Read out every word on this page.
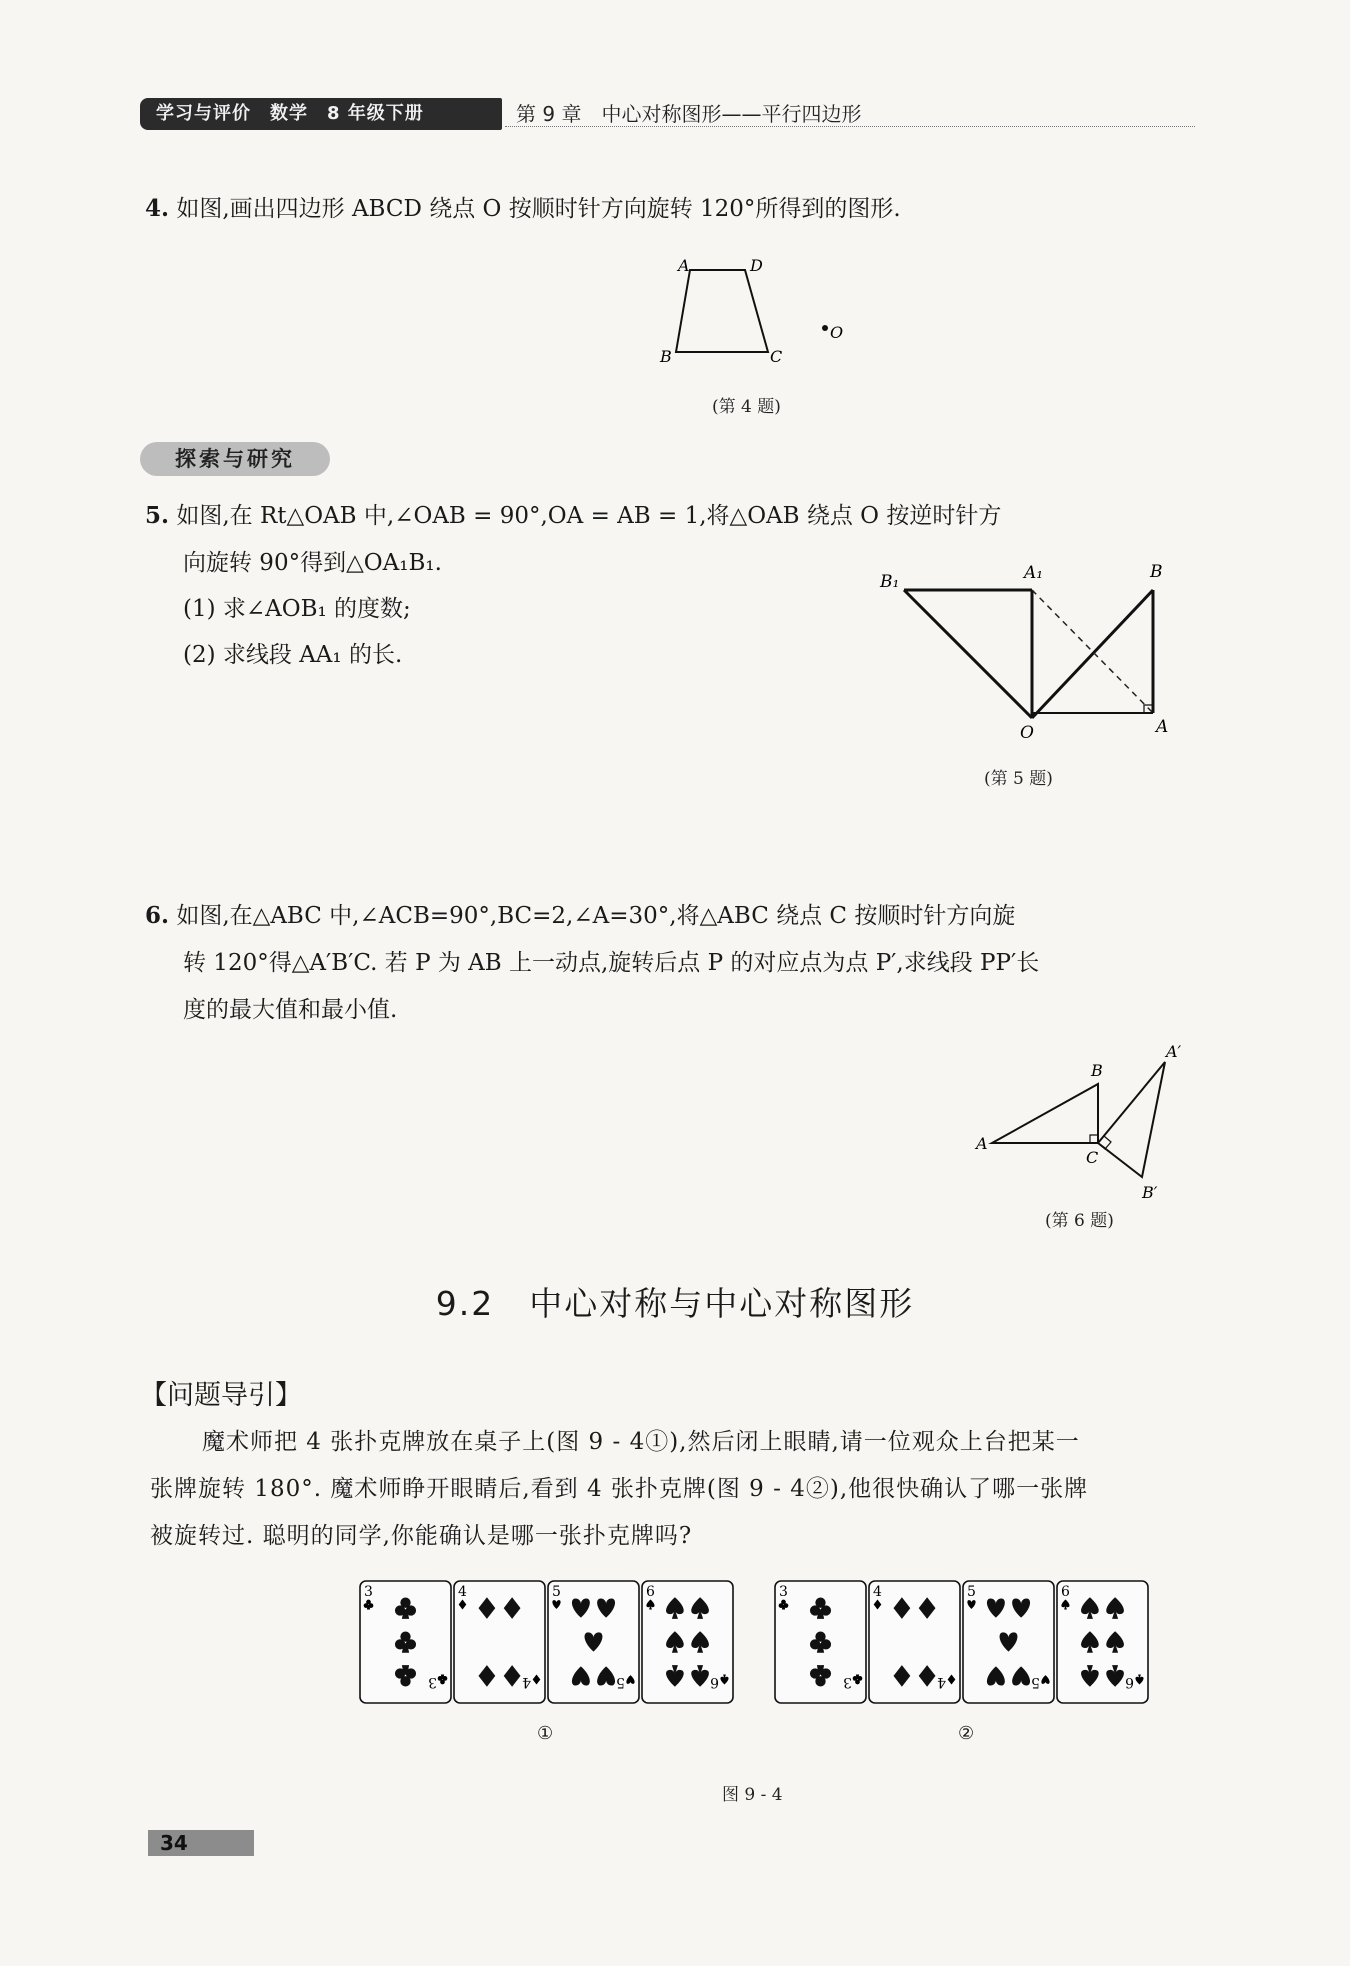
学习与评价　数学　8 年级下册	第 9 章　中心对称图形——平行四边形
4. 如图,画出四边形 ABCD 绕点 O 按顺时针方向旋转 120°所得到的图形.
A	D
B	C
O
(第 4 题)
探索与研究
5. 如图,在 Rt△OAB 中,∠OAB = 90°,OA = AB = 1,将△OAB 绕点 O 按逆时针方
向旋转 90°得到△OA₁B₁.
(1) 求∠AOB₁ 的度数;
(2) 求线段 AA₁ 的长.
B₁	A₁	B
O	A
(第 5 题)
6. 如图,在△ABC 中,∠ACB=90°,BC=2,∠A=30°,将△ABC 绕点 C 按顺时针方向旋
转 120°得△A′B′C. 若 P 为 AB 上一动点,旋转后点 P 的对应点为点 P′,求线段 PP′长
度的最大值和最小值.
A
B
C
A′
B′
(第 6 题)
9.2　中心对称与中心对称图形
【问题导引】
魔术师把 4 张扑克牌放在桌子上(图 9 - 4①),然后闭上眼睛,请一位观众上台把某一
张牌旋转 180°. 魔术师睁开眼睛后,看到 4 张扑克牌(图 9 - 4②),他很快确认了哪一张牌
被旋转过. 聪明的同学,你能确认是哪一张扑克牌吗?
3
3
4
4
5
5
6
6
3
3
4
4
5
5
6
6
①	②
图 9 - 4
34
